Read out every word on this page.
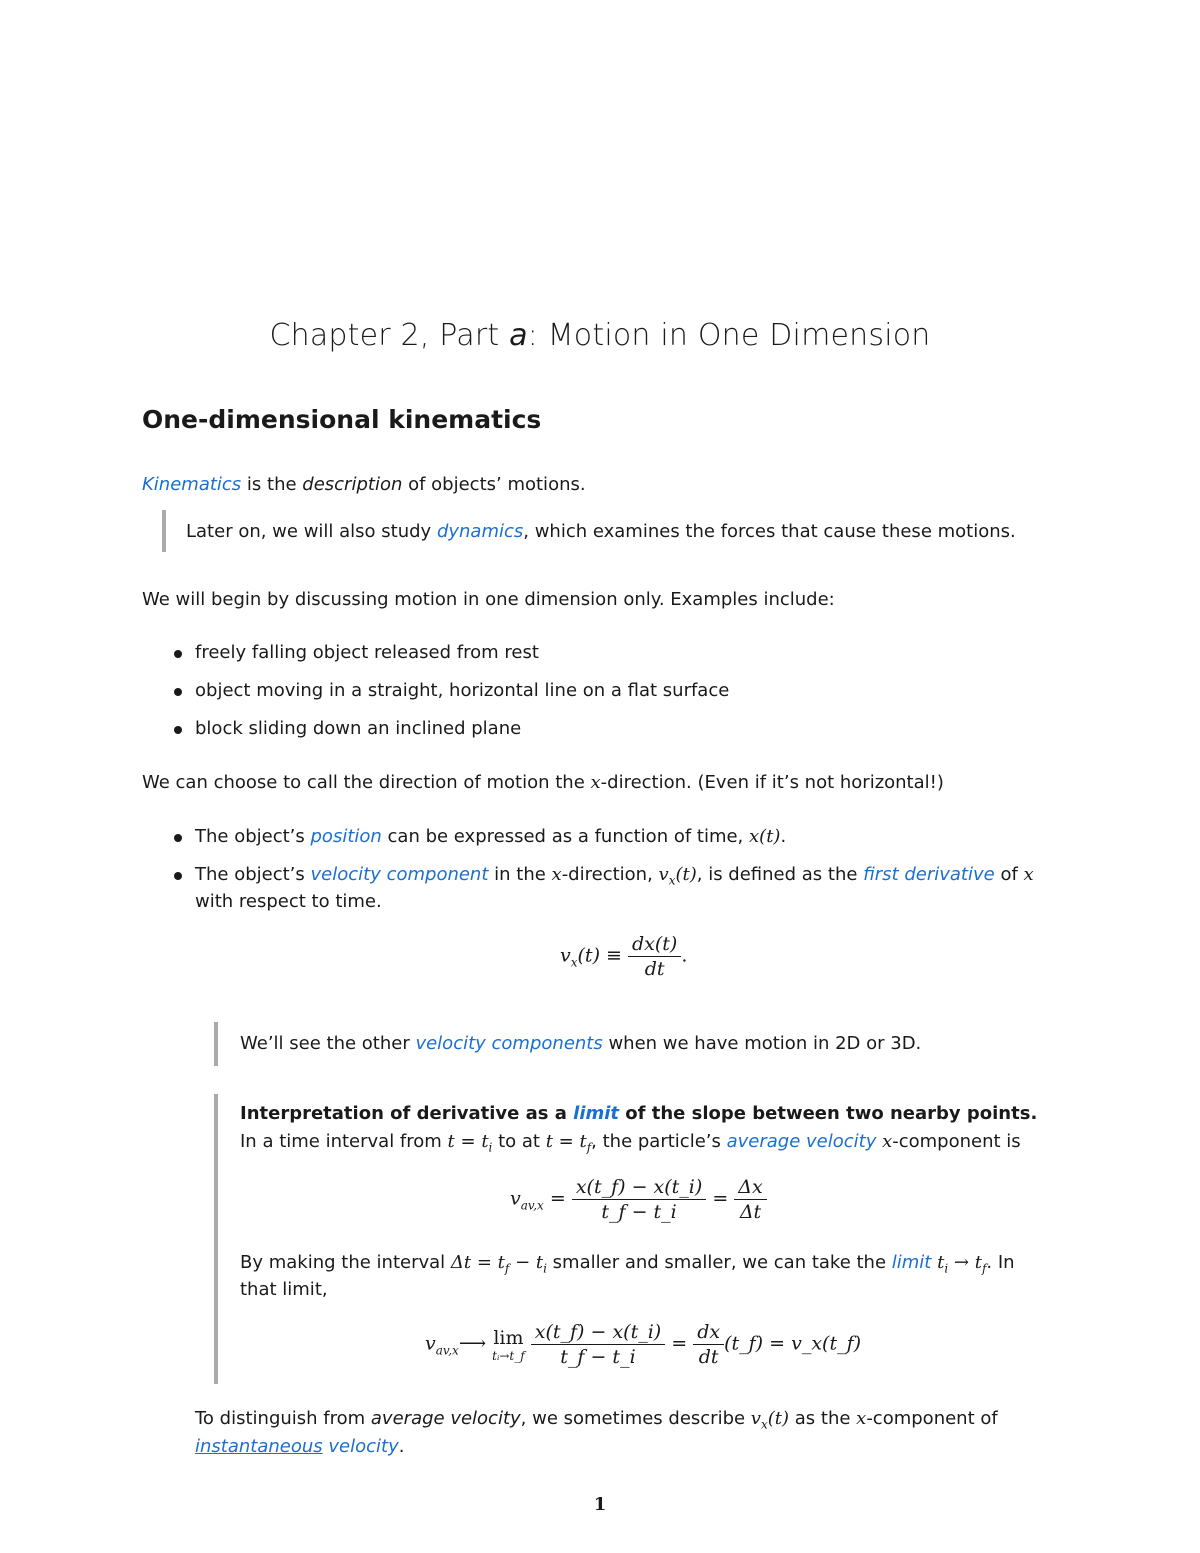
Chapter 2, Part a: Motion in One Dimension
One-dimensional kinematics
Kinematics is the description of objects’ motions.
Later on, we will also study dynamics, which examines the forces that cause these motions.
We will begin by discussing motion in one dimension only. Examples include:
freely falling object released from rest
object moving in a straight, horizontal line on a flat surface
block sliding down an inclined plane
We can choose to call the direction of motion the x-direction. (Even if it’s not horizontal!)
The object’s position can be expressed as a function of time, x(t).
The object’s velocity component in the x-direction, $v_x(t)$, is defined as the first derivative of x
with respect to time.
$v_x(t) \equiv \frac{dx(t)}{dt}$ .
We’ll see the other velocity components when we have motion in 2D or 3D.
Interpretation of derivative as a limit of the slope between two nearby points.
In a time interval from $t = t_i$ to at $t = t_f$, the particle’s average velocity x-component is
$v_{av,x} = \frac{x(t\_f) - x(t\_i)}{t\_f - t\_i} = \frac{\Delta x}{\Delta t}$
By making the interval $\Delta t = t_f - t_i$ smaller and smaller, we can take the limit $t_i \to t_f$. In
that limit,
$v_{av,x}⟶$ lim
tᵢ→t_f
$\frac{x(t\_f) - x(t\_i)}{t\_f - t\_i} = \frac{dx}{dt}$ (t_f) = v_x(t_f)
To distinguish from average velocity, we sometimes describe $v_x(t)$ as the x-component of
instantaneous velocity.
1
